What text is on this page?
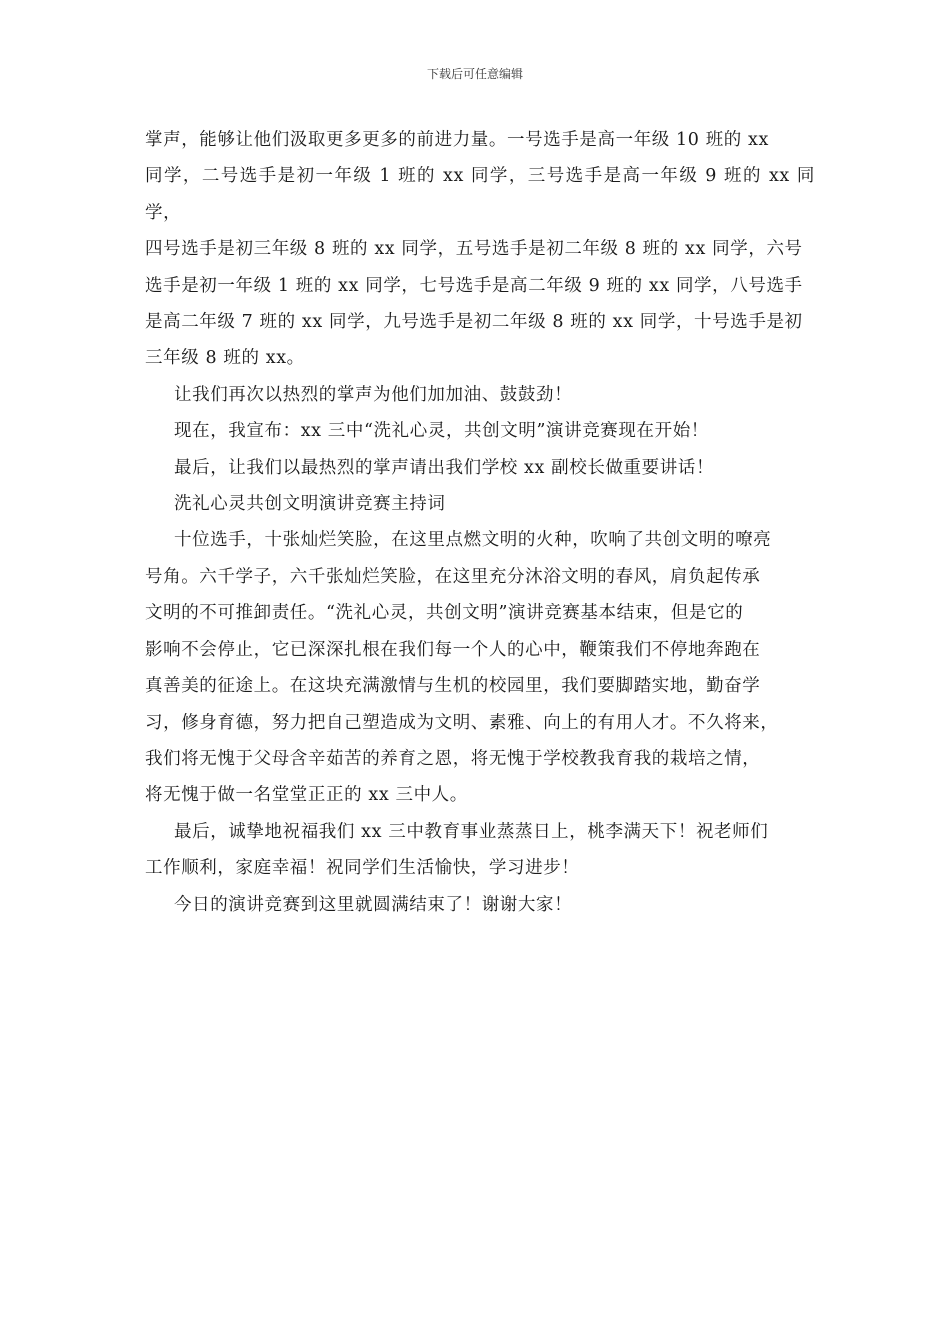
下载后可任意编辑

掌声，能够让他们汲取更多更多的前进力量。一号选手是高一年级 10 班的 xx
同学，二号选手是初一年级 1 班的 xx 同学，三号选手是高一年级 9 班的 xx 同学，
四号选手是初三年级 8 班的 xx 同学，五号选手是初二年级 8 班的 xx 同学，六号
选手是初一年级 1 班的 xx 同学，七号选手是高二年级 9 班的 xx 同学，八号选手
是高二年级 7 班的 xx 同学，九号选手是初二年级 8 班的 xx 同学，十号选手是初
三年级 8 班的 xx。

让我们再次以热烈的掌声为他们加加油、鼓鼓劲！

现在，我宣布：xx 三中“洗礼心灵，共创文明”演讲竞赛现在开始！

最后，让我们以最热烈的掌声请出我们学校 xx 副校长做重要讲话！

洗礼心灵共创文明演讲竞赛主持词

十位选手，十张灿烂笑脸，在这里点燃文明的火种，吹响了共创文明的嘹亮
号角。六千学子，六千张灿烂笑脸，在这里充分沐浴文明的春风，肩负起传承
文明的不可推卸责任。“洗礼心灵，共创文明”演讲竞赛基本结束，但是它的
影响不会停止，它已深深扎根在我们每一个人的心中，鞭策我们不停地奔跑在
真善美的征途上。在这块充满激情与生机的校园里，我们要脚踏实地，勤奋学
习，修身育德，努力把自己塑造成为文明、素雅、向上的有用人才。不久将来，
我们将无愧于父母含辛茹苦的养育之恩，将无愧于学校教我育我的栽培之情，
将无愧于做一名堂堂正正的 xx 三中人。

最后，诚挚地祝福我们 xx 三中教育事业蒸蒸日上，桃李满天下！祝老师们
工作顺利，家庭幸福！祝同学们生活愉快，学习进步！

今日的演讲竞赛到这里就圆满结束了！谢谢大家！
